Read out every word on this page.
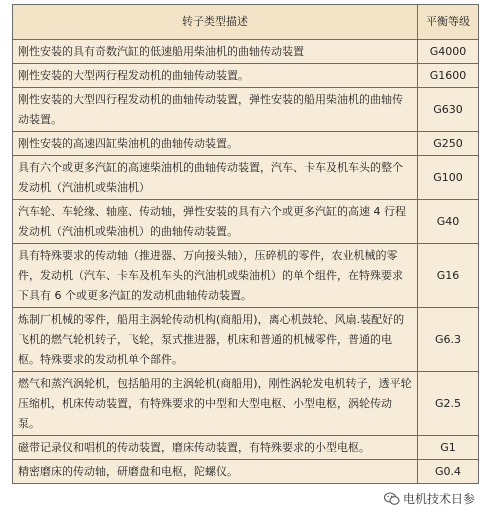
转子类型描述	平衡等级
刚性安装的具有奇数汽缸的低速船用柴油机的曲轴传动装置	G4000
刚性安装的大型两行程发动机的曲轴传动装置。	G1600
刚性安装的大型四行程发动机的曲轴传动装置，弹性安装的船用柴油机的曲轴传动装置。	G630
刚性安装的高速四缸柴油机的曲轴传动装置。	G250
具有六个或更多汽缸的高速柴油机的曲轴传动装置，汽车、卡车及机车头的整个发动机（汽油机或柴油机）	G100
汽车轮、车轮缘、轴座、传动轴，弹性安装的具有六个或更多汽缸的高速 4 行程发动机（汽油机或柴油机）的曲轴传动装置。	G40
具有特殊要求的传动轴（推进器、万向接头轴），压碎机的零件，农业机械的零件，发动机（汽车、卡车及机车头的汽油机或柴油机）的单个组件，在特殊要求下具有 6 个或更多汽缸的发动机曲轴传动装置。	G16
炼制厂机械的零件，船用主涡轮传动机构(商船用)，离心机鼓轮、风扇.装配好的飞机的燃气轮机转子，飞轮，泵式推进器，机床和普通的机械零件，普通的电枢。特殊要求的发动机单个部件。	G6.3
燃气和蒸汽涡轮机，包括船用的主涡轮机(商船用)，刚性涡轮发电机转子，透平轮压缩机，机床传动装置，有特殊要求的中型和大型电枢、小型电枢，涡轮传动泵。	G2.5
磁带记录仪和唱机的传动装置，磨床传动装置，有特殊要求的小型电枢。	G1
精密磨床的传动轴，研磨盘和电枢，陀螺仪。	G0.4
电机技术日参
